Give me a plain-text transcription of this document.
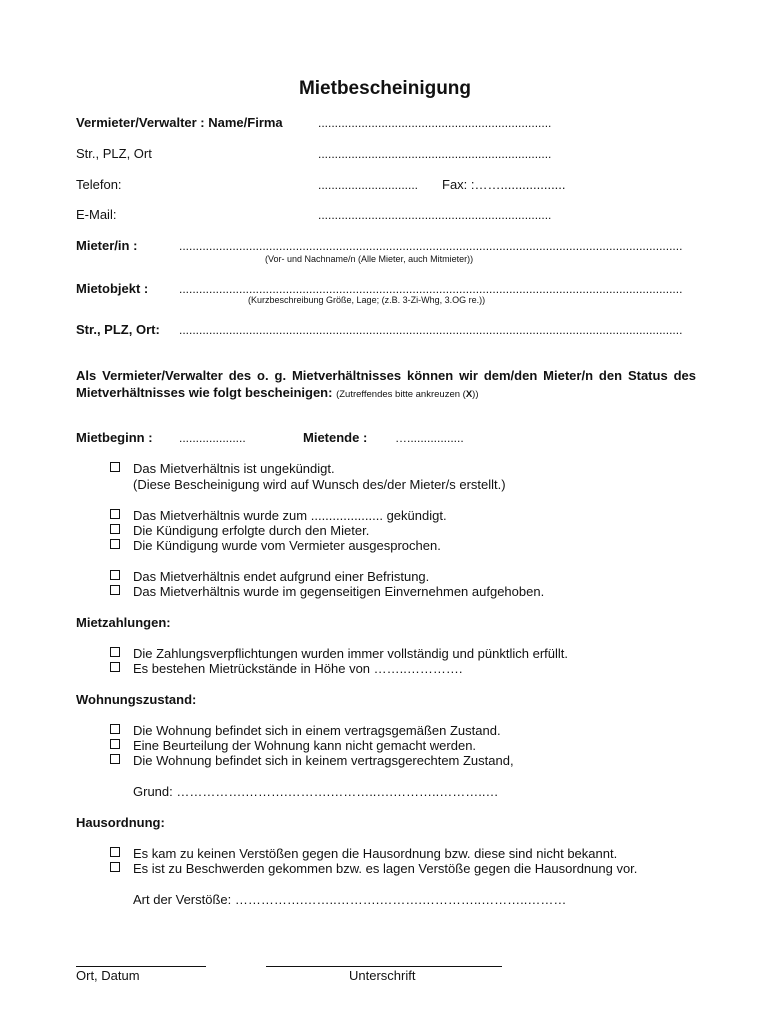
Mietbescheinigung
Vermieter/Verwalter : Name/Firma	......................................................................
Str., PLZ, Ort	......................................................................
Telefon:	.............................. Fax: :……..................
E-Mail:	......................................................................
Mieter/in :	.......................................................................................................................................................
(Vor- und Nachname/n (Alle Mieter, auch Mitmieter))
Mietobjekt :	.......................................................................................................................................................
(Kurzbeschreibung Größe, Lage; (z.B. 3-Zi-Whg, 3.OG re.))
Str., PLZ, Ort: .......................................................................................................................................................
Als Vermieter/Verwalter des o. g. Mietverhältnisses können wir dem/den Mieter/n den Status des Mietverhältnisses wie folgt bescheinigen: (Zutreffendes bitte ankreuzen (X))
Mietbeginn : ....................	Mietende : ….................
Das Mietverhältnis ist ungekündigt.
(Diese Bescheinigung wird auf Wunsch des/der Mieter/s erstellt.)
Das Mietverhältnis wurde zum .................... gekündigt.
Die Kündigung erfolgte durch den Mieter.
Die Kündigung wurde vom Vermieter ausgesprochen.
Das Mietverhältnis endet aufgrund einer Befristung.
Das Mietverhältnis wurde im gegenseitigen Einvernehmen aufgehoben.
Mietzahlungen:
Die Zahlungsverpflichtungen wurden immer vollständig und pünktlich erfüllt.
Es bestehen Mietrückstände in Höhe von ……..………….
Wohnungszustand:
Die Wohnung befindet sich in einem vertragsgemäßen Zustand.
Eine Beurteilung der Wohnung kann nicht gemacht werden.
Die Wohnung befindet sich in keinem vertragsgerechtem Zustand,
Grund: …………….……….……….………..….………..………..…
Hausordnung:
Es kam zu keinen Verstößen gegen die Hausordnung bzw. diese sind nicht bekannt.
Es ist zu Beschwerden gekommen bzw. es lagen Verstöße gegen die Hausordnung vor.
Art der Verstöße: …………….……..……….……….…………..………..………
Ort, Datum	Unterschrift
